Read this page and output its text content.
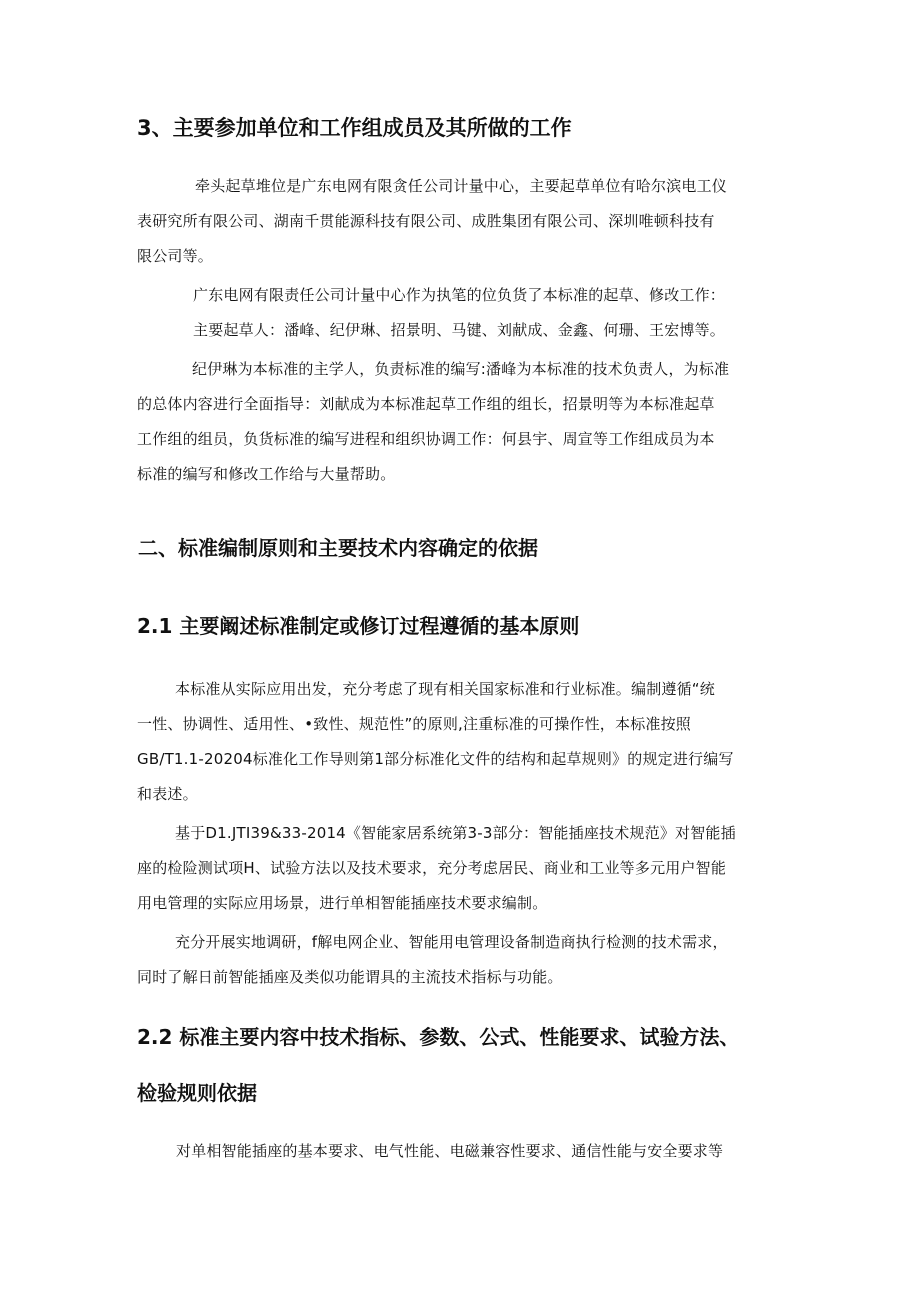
3、主要参加单位和工作组成员及其所做的工作
牵头起草堆位是广东电网有限贪任公司计量中心，主要起草单位有哈尔滨电工仪
表研究所有限公司、湖南千贯能源科技有限公司、成胜集团有限公司、深圳唯顿科技有
限公司等。
广东电网有限责任公司计量中心作为执笔的位负货了本标准的起草、修改工作：
主要起草人：潘峰、纪伊琳、招景明、马键、刘献成、金鑫、何珊、王宏博等。
纪伊琳为本标准的主学人，负责标准的编写:潘峰为本标准的技术负责人，为标准
的总体内容进行全面指导：刘献成为本标准起草工作组的组长，招景明等为本标准起草
工作组的组员，负货标准的编写进程和组织协调工作：何县宇、周宣等工作组成员为本
标准的编写和修改工作给与大量帮助。
二、标准编制原则和主要技术内容确定的依据
2.1 主要阚述标准制定或修订过程遵循的基本原则
本标准从实际应用出发，充分考虑了现有相关国家标准和行业标准。编制遵循“统
一性、协调性、适用性、•致性、规范性”的原则,注重标准的可操作性，本标准按照
GB/T1.1-20204标准化工作导则第1部分标准化文件的结构和起草规则》的规定进行编写
和表述。
基于D1.JTI39&33-2014《智能家居系统第3-3部分：智能插座技术规范》对智能插
座的检险测试项H、试验方法以及技术要求，充分考虑居民、商业和工业等多元用户智能
用电管理的实际应用场景，进行单相智能插座技术要求编制。
充分开展实地调研，f解电网企业、智能用电管理设备制造商执行检测的技术需求，
同时了解日前智能插座及类似功能谓具的主流技术指标与功能。
2.2 标准主要内容中技术指标、参数、公式、性能要求、试验方法、
检验规则依据
对单相智能插座的基本要求、电气性能、电磁兼容性要求、通信性能与安全要求等
